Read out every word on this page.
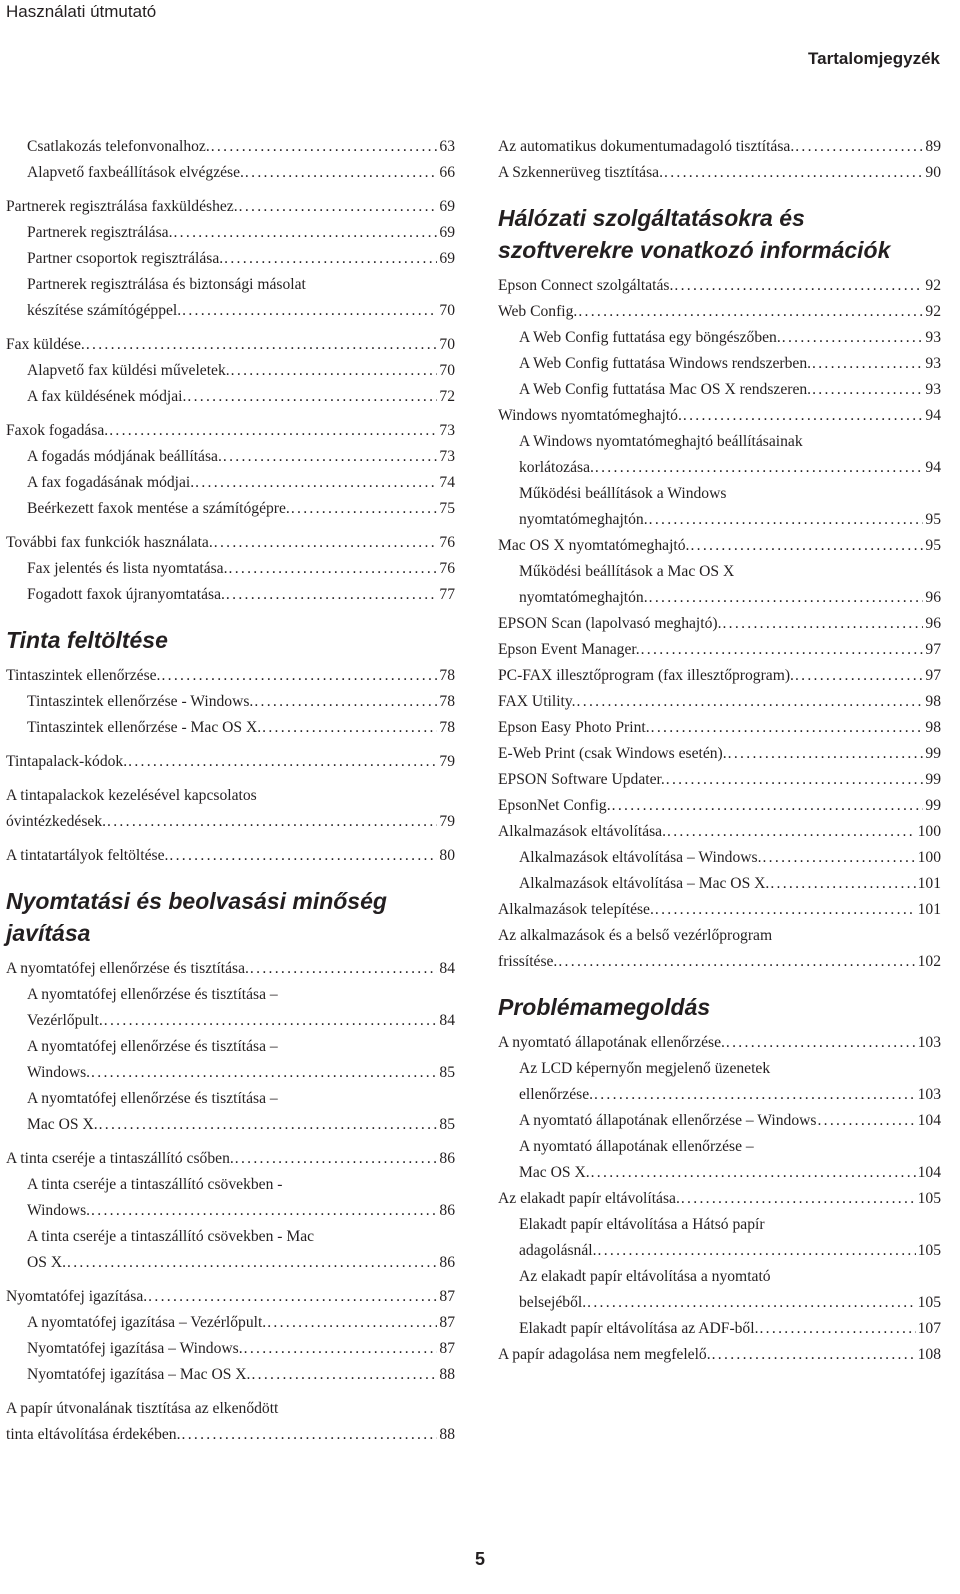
Használati útmutató
Tartalomjegyzék
Csatlakozás telefonvonalhoz. .....	63
Alapvető faxbeállítások elvégzése. .....	66
Partnerek regisztrálása faxküldéshez. .....	69
Partnerek regisztrálása. .....	69
Partner csoportok regisztrálása. .....	69
Partnerek regisztrálása és biztonsági másolat
készítése számítógéppel. .....	70
Fax küldése. .....	70
Alapvető fax küldési műveletek. .....	70
A fax küldésének módjai. .....	72
Faxok fogadása. .....	73
A fogadás módjának beállítása. .....	73
A fax fogadásának módjai. .....	74
Beérkezett faxok mentése a számítógépre. .....	75
További fax funkciók használata. .....	76
Fax jelentés és lista nyomtatása. .....	76
Fogadott faxok újranyomtatása. .....	77
Tinta feltöltése
Tintaszintek ellenőrzése. .....	78
Tintaszintek ellenőrzése - Windows. .....	78
Tintaszintek ellenőrzése - Mac OS X. .....	78
Tintapalack-kódok. .....	79
A tintapalackok kezelésével kapcsolatos
óvintézkedések. .....	79
A tintatartályok feltöltése. .....	80
Nyomtatási és beolvasási minőség javítása
A nyomtatófej ellenőrzése és tisztítása. .....	84
A nyomtatófej ellenőrzése és tisztítása –
Vezérlőpult. .....	84
A nyomtatófej ellenőrzése és tisztítása –
Windows. .....	85
A nyomtatófej ellenőrzése és tisztítása –
Mac OS X. .....	85
A tinta cseréje a tintaszállító csőben. .....	86
A tinta cseréje a tintaszállító csövekben -
Windows. .....	86
A tinta cseréje a tintaszállító csövekben - Mac
OS X. .....	86
Nyomtatófej igazítása. .....	87
A nyomtatófej igazítása – Vezérlőpult. .....	87
Nyomtatófej igazítása – Windows. .....	87
Nyomtatófej igazítása – Mac OS X. .....	88
A papír útvonalának tisztítása az elkenődött
tinta eltávolítása érdekében. .....	88
Az automatikus dokumentumadagoló tisztítása. .....	89
A Szkennerüveg tisztítása. .....	90
Hálózati szolgáltatásokra és szoftverekre vonatkozó információk
Epson Connect szolgáltatás. .....	92
Web Config. .....	92
A Web Config futtatása egy böngészőben. .....	93
A Web Config futtatása Windows rendszerben. .....	93
A Web Config futtatása Mac OS X rendszeren. .....	93
Windows nyomtatómeghajtó. .....	94
A Windows nyomtatómeghajtó beállításainak
korlátozása. .....	94
Működési beállítások a Windows
nyomtatómeghajtón. .....	95
Mac OS X nyomtatómeghajtó. .....	95
Működési beállítások a Mac OS X
nyomtatómeghajtón. .....	96
EPSON Scan (lapolvasó meghajtó). .....	96
Epson Event Manager. .....	97
PC-FAX illesztőprogram (fax illesztőprogram). .....	97
FAX Utility. .....	98
Epson Easy Photo Print. .....	98
E-Web Print (csak Windows esetén). .....	99
EPSON Software Updater. .....	99
EpsonNet Config. .....	99
Alkalmazások eltávolítása. .....	100
Alkalmazások eltávolítása – Windows. .....	100
Alkalmazások eltávolítása – Mac OS X. .....	101
Alkalmazások telepítése. .....	101
Az alkalmazások és a belső vezérlőprogram
frissítése. .....	102
Problémamegoldás
A nyomtató állapotának ellenőrzése. .....	103
Az LCD képernyőn megjelenő üzenetek
ellenőrzése. .....	103
A nyomtató állapotának ellenőrzése – Windows .....	104
A nyomtató állapotának ellenőrzése –
Mac OS X. .....	104
Az elakadt papír eltávolítása. .....	105
Elakadt papír eltávolítása a Hátsó papír
adagolásnál. .....	105
Az elakadt papír eltávolítása a nyomtató
belsejéből. .....	105
Elakadt papír eltávolítása az ADF-ből. .....	107
A papír adagolása nem megfelelő. .....	108
5
